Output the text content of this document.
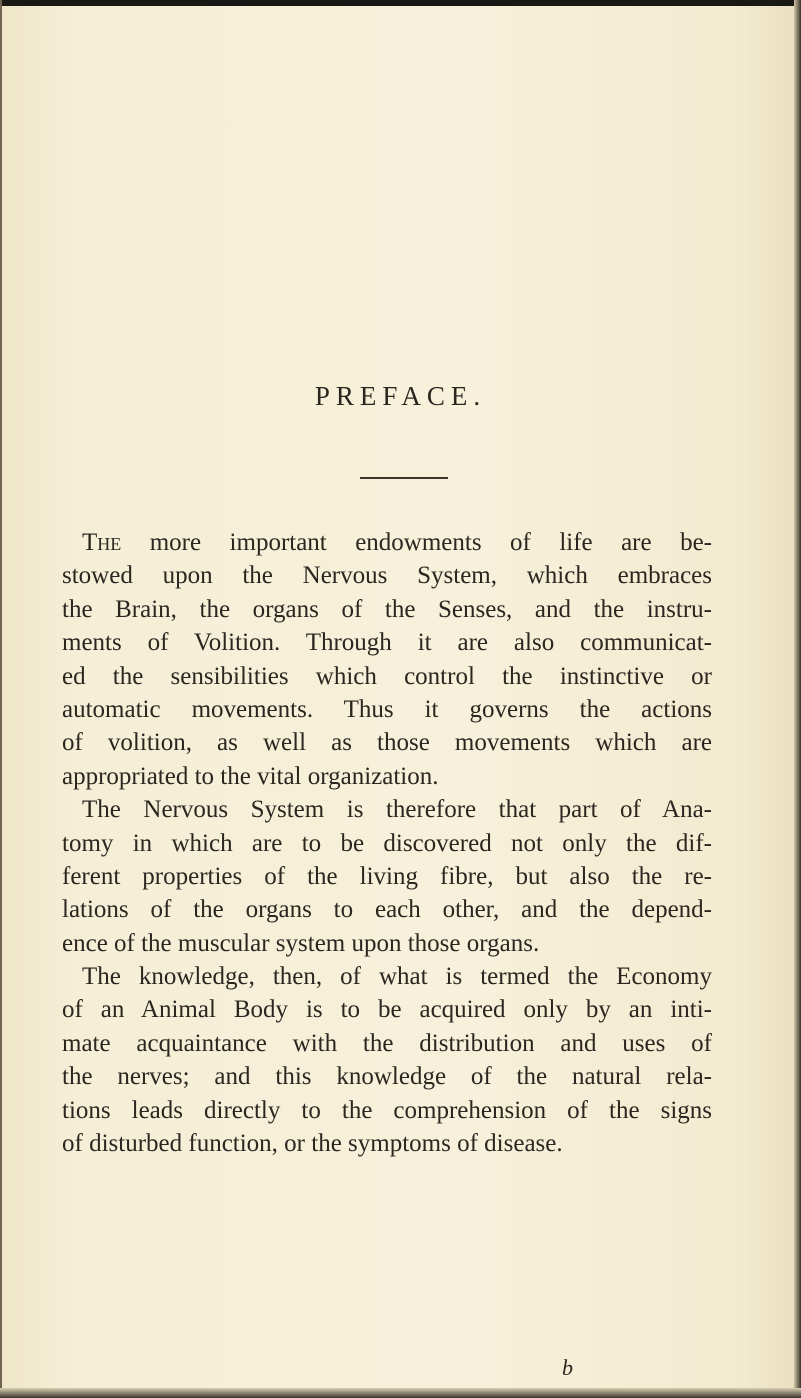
PREFACE.
The more important endowments of life are be-
stowed upon the Nervous System, which embraces
the Brain, the organs of the Senses, and the instru-
ments of Volition. Through it are also communicat-
ed the sensibilities which control the instinctive or
automatic movements. Thus it governs the actions
of volition, as well as those movements which are
appropriated to the vital organization.
The Nervous System is therefore that part of Ana-
tomy in which are to be discovered not only the dif-
ferent properties of the living fibre, but also the re-
lations of the organs to each other, and the depend-
ence of the muscular system upon those organs.
The knowledge, then, of what is termed the Economy
of an Animal Body is to be acquired only by an inti-
mate acquaintance with the distribution and uses of
the nerves; and this knowledge of the natural rela-
tions leads directly to the comprehension of the signs
of disturbed function, or the symptoms of disease.
b
